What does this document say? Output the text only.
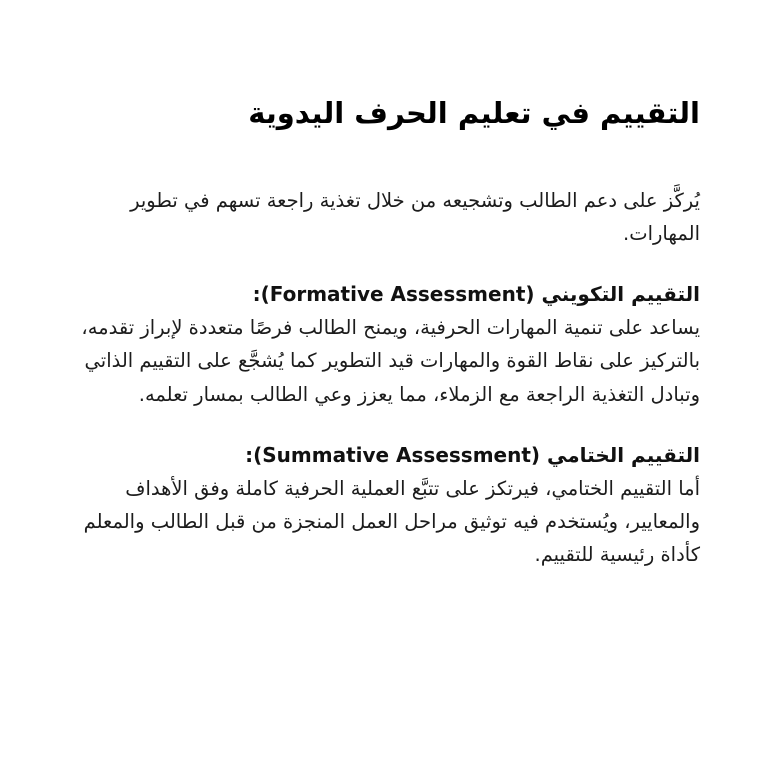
التقييم في تعليم الحرف اليدوية

يُركَّز على دعم الطالب وتشجيعه من خلال تغذية راجعة تسهم في تطوير المهارات.

التقييم التكويني (Formative Assessment):

يساعد على تنمية المهارات الحرفية، ويمنح الطالب فرصًا متعددة لإبراز تقدمه، بالتركيز على نقاط القوة والمهارات قيد التطوير كما يُشجَّع على التقييم الذاتي وتبادل التغذية الراجعة مع الزملاء، مما يعزز وعي الطالب بمسار تعلمه.

التقييم الختامي (Summative Assessment):

أما التقييم الختامي، فيرتكز على تتبَّع العملية الحرفية كاملة وفق الأهداف والمعايير، ويُستخدم فيه توثيق مراحل العمل المنجزة من قبل الطالب والمعلم كأداة رئيسية للتقييم.
